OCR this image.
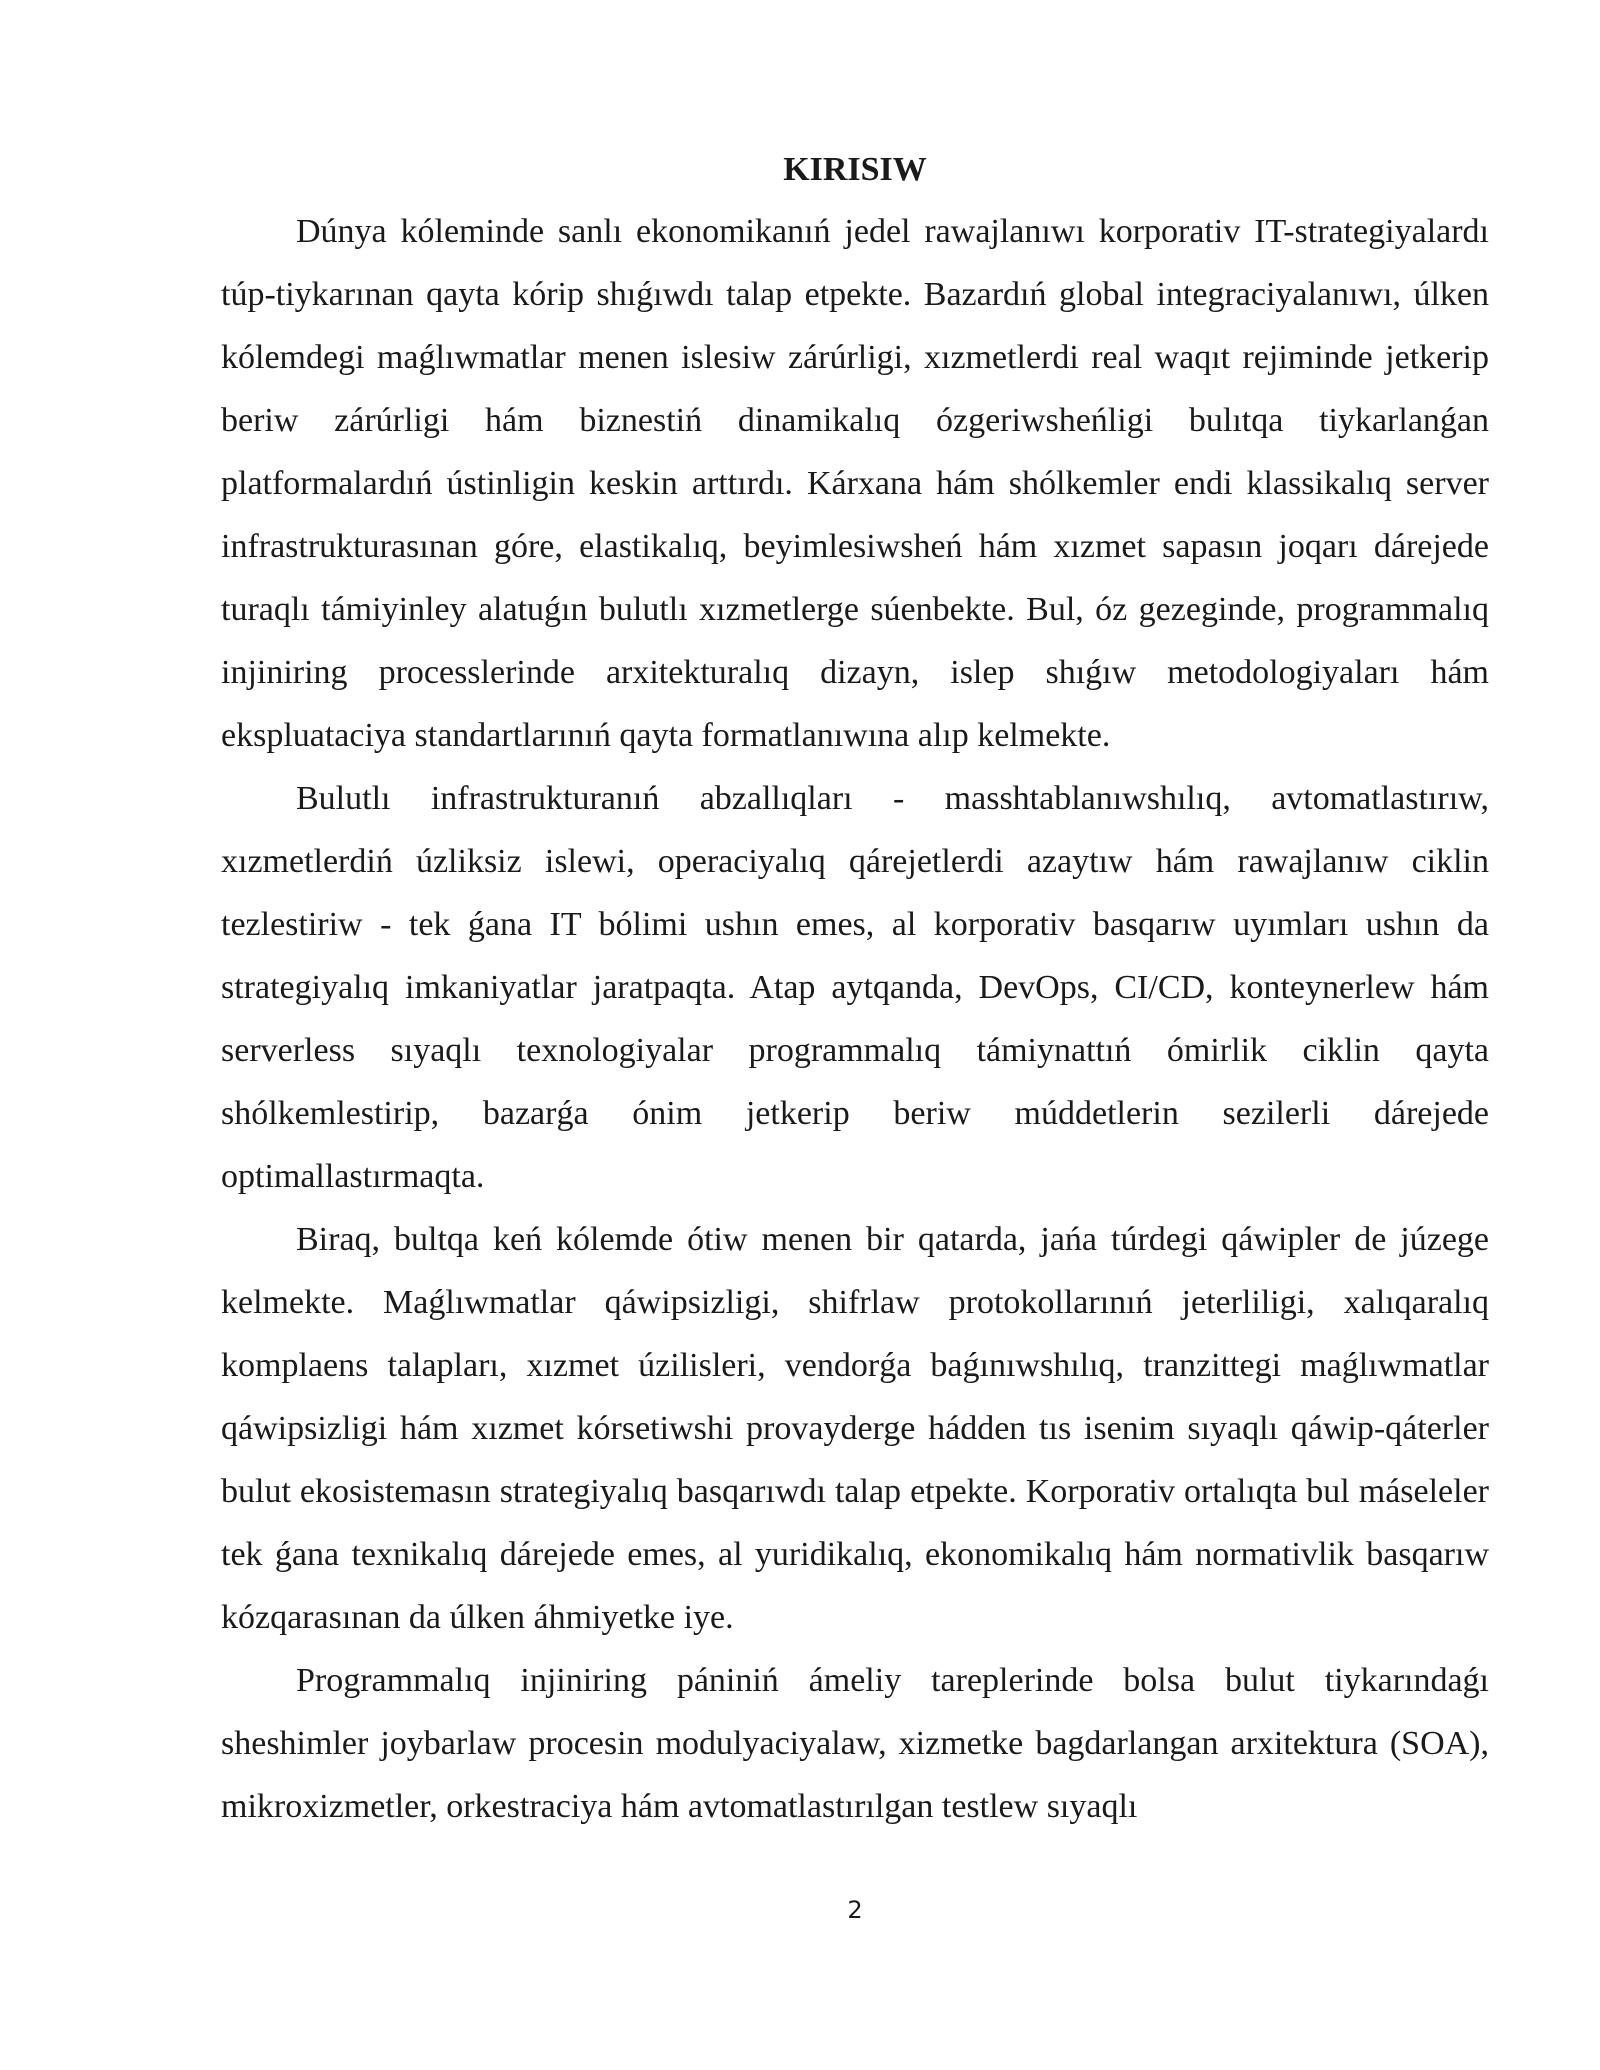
KIRISIW

Dúnya kóleminde sanlı ekonomikanıń jedel rawajlanıwı korporativ IT-strategiyalardı túp-tiykarınan qayta kórip shıǵıwdı talap etpekte. Bazardıń global integraciyalanıwı, úlken kólemdegi maǵlıwmatlar menen islesiw zárúrligi, xızmetlerdi real waqıt rejiminde jetkerip beriw zárúrligi hám biznestiń dinamikalıq ózgeriwsheńligi bulıtqa tiykarlanǵan platformalardıń ústinligin keskin arttırdı. Kárxana hám shólkemler endi klassikalıq server infrastrukturasınan góre, elastikalıq, beyimlesiwsheń hám xızmet sapasın joqarı dárejede turaqlı támiyinley alatuǵın bulutlı xızmetlerge súenbekte. Bul, óz gezeginde, programmalıq injiniring processlerinde arxitekturalıq dizayn, islep shıǵıw metodologiyaları hám ekspluataciya standartlarınıń qayta formatlanıwına alıp kelmekte.

Bulutlı infrastrukturanıń abzallıqları - masshtablanıwshılıq, avtomatlastırıw, xızmetlerdiń úzliksiz islewi, operaciyalıq qárejetlerdi azaytıw hám rawajlanıw ciklin tezlestiriw - tek ǵana IT bólimi ushın emes, al korporativ basqarıw uyımları ushın da strategiyalıq imkaniyatlar jaratpaqta. Atap aytqanda, DevOps, CI/CD, konteynerlew hám serverless sıyaqlı texnologiyalar programmalıq támiynattıń ómirlik ciklin qayta shólkemlestirip, bazarǵa ónim jetkerip beriw múddetlerin sezilerli dárejede optimallastırmaqta.

Biraq, bultqa keń kólemde ótiw menen bir qatarda, jańa túrdegi qáwipler de júzege kelmekte. Maǵlıwmatlar qáwipsizligi, shifrlaw protokollarınıń jeterliligi, xalıqaralıq komplaens talapları, xızmet úzilisleri, vendorǵa baǵınıwshılıq, tranzittegi maǵlıwmatlar qáwipsizligi hám xızmet kórsetiwshi provayderge hádden tıs isenim sıyaqlı qáwip-qáterler bulut ekosistemasın strategiyalıq basqarıwdı talap etpekte. Korporativ ortalıqta bul máseleler tek ǵana texnikalıq dárejede emes, al yuridikalıq, ekonomikalıq hám normativlik basqarıw kózqarasınan da úlken áhmiyetke iye.

Programmalıq injiniring pániniń ámeliy tareplerinde bolsa bulut tiykarındaǵı sheshimler joybarlaw procesin modulyaciyalaw, xizmetke bagdarlangan arxitektura (SOA), mikroxizmetler, orkestraciya hám avtomatlastırılgan testlew sıyaqlı

2
